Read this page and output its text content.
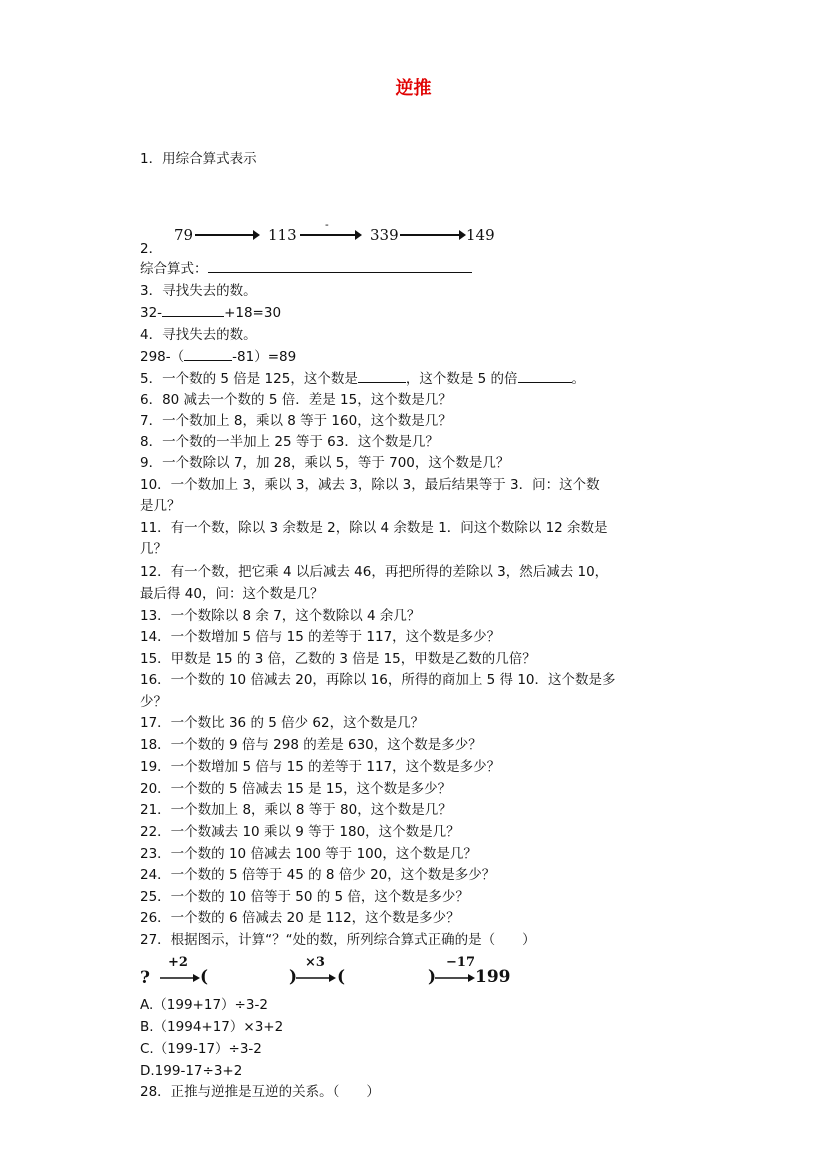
逆推
1．用综合算式表示
79	113
-
339	149
2．
综合算式：
3．寻找失去的数。
32-	+18=30
4．寻找失去的数。
298-（	-81）=89
5．一个数的 5 倍是 125，这个数是	，这个数是 5 的倍	。
6．80 减去一个数的 5 倍．差是 15，这个数是几？
7．一个数加上 8，乘以 8 等于 160，这个数是几？
8．一个数的一半加上 25 等于 63．这个数是几？
9．一个数除以 7，加 28，乘以 5，等于 700，这个数是几？
10．一个数加上 3，乘以 3，减去 3，除以 3，最后结果等于 3．问：这个数
是几？
11．有一个数，除以 3 余数是 2，除以 4 余数是 1．问这个数除以 12 余数是
几？
12．有一个数，把它乘 4 以后减去 46，再把所得的差除以 3，然后减去 10，
最后得 40，问：这个数是几？
13．一个数除以 8 余 7，这个数除以 4 余几？
14．一个数增加 5 倍与 15 的差等于 117，这个数是多少？
15．甲数是 15 的 3 倍，乙数的 3 倍是 15，甲数是乙数的几倍？
16．一个数的 10 倍减去 20，再除以 16，所得的商加上 5 得 10．这个数是多
少？
17．一个数比 36 的 5 倍少 62，这个数是几？
18．一个数的 9 倍与 298 的差是 630，这个数是多少？
19．一个数增加 5 倍与 15 的差等于 117，这个数是多少？
20．一个数的 5 倍减去 15 是 15，这个数是多少？
21．一个数加上 8，乘以 8 等于 80，这个数是几？
22．一个数减去 10 乘以 9 等于 180，这个数是几？
23．一个数的 10 倍减去 100 等于 100，这个数是几？
24．一个数的 5 倍等于 45 的 8 倍少 20，这个数是多少？
25．一个数的 10 倍等于 50 的 5 倍，这个数是多少？
26．一个数的 6 倍减去 20 是 112，这个数是多少？
27．根据图示，计算“？“处的数，所列综合算式正确的是（　　）
?
+2
(	)
×3
(	)
−17
199
A.（199+17）÷3-2
B.（1994+17）×3+2
C.（199-17）÷3-2
D.199-17÷3+2
28．正推与逆推是互逆的关系。（　　）
